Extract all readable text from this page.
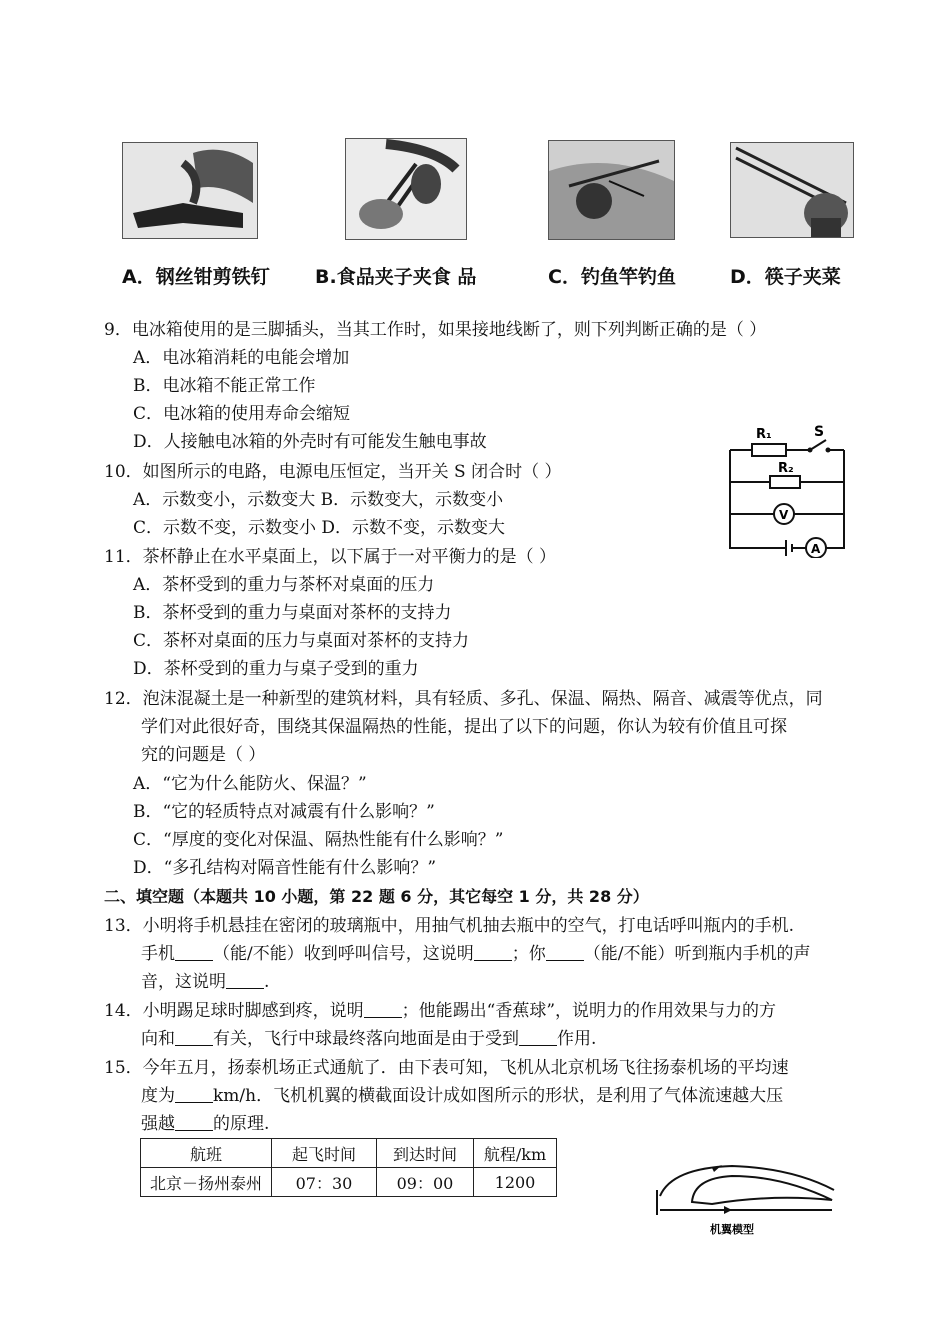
A．钢丝钳剪铁钉 B.食品夹子夹食 品	C．钓鱼竿钓鱼	D．筷子夹菜
9．电冰箱使用的是三脚插头，当其工作时，如果接地线断了，则下列判断正确的是（ ）
A．电冰箱消耗的电能会增加
B．电冰箱不能正常工作
C．电冰箱的使用寿命会缩短
D．人接触电冰箱的外壳时有可能发生触电事故	R₁	S
R₂
V
A
10．如图所示的电路，电源电压恒定，当开关 S 闭合时（ ）
A．示数变小，示数变大 B．示数变大，示数变小
C．示数不变，示数变小 D．示数不变，示数变大
11．茶杯静止在水平桌面上，以下属于一对平衡力的是（ ）
A．茶杯受到的重力与茶杯对桌面的压力
B．茶杯受到的重力与桌面对茶杯的支持力
C．茶杯对桌面的压力与桌面对茶杯的支持力
D．茶杯受到的重力与桌子受到的重力
12．泡沫混凝土是一种新型的建筑材料，具有轻质、多孔、保温、隔热、隔音、减震等优点，同
学们对此很好奇，围绕其保温隔热的性能，提出了以下的问题，你认为较有价值且可探
究的问题是（ ）
A．“它为什么能防火、保温？”
B．“它的轻质特点对减震有什么影响？”
C．“厚度的变化对保温、隔热性能有什么影响？”
D．“多孔结构对隔音性能有什么影响？”
二、填空题（本题共 10 小题，第 22 题 6 分，其它每空 1 分，共 28 分）
13．小明将手机悬挂在密闭的玻璃瓶中，用抽气机抽去瓶中的空气，打电话呼叫瓶内的手机.
手机 （能/不能）收到呼叫信号，这说明 ；你 （能/不能）听到瓶内手机的声
音，这说明 .
14．小明踢足球时脚感到疼，说明 ；他能踢出“香蕉球”，说明力的作用效果与力的方
向和 有关，飞行中球最终落向地面是由于受到 作用.
15．今年五月，扬泰机场正式通航了．由下表可知，飞机从北京机场飞往扬泰机场的平均速
度为 km/h．飞机机翼的横截面设计成如图所示的形状，是利用了气体流速越大压
强越 的原理.
航班	起飞时间	到达时间	航程/km
北京－扬州泰州	07：30	09：00	1200
机翼模型
